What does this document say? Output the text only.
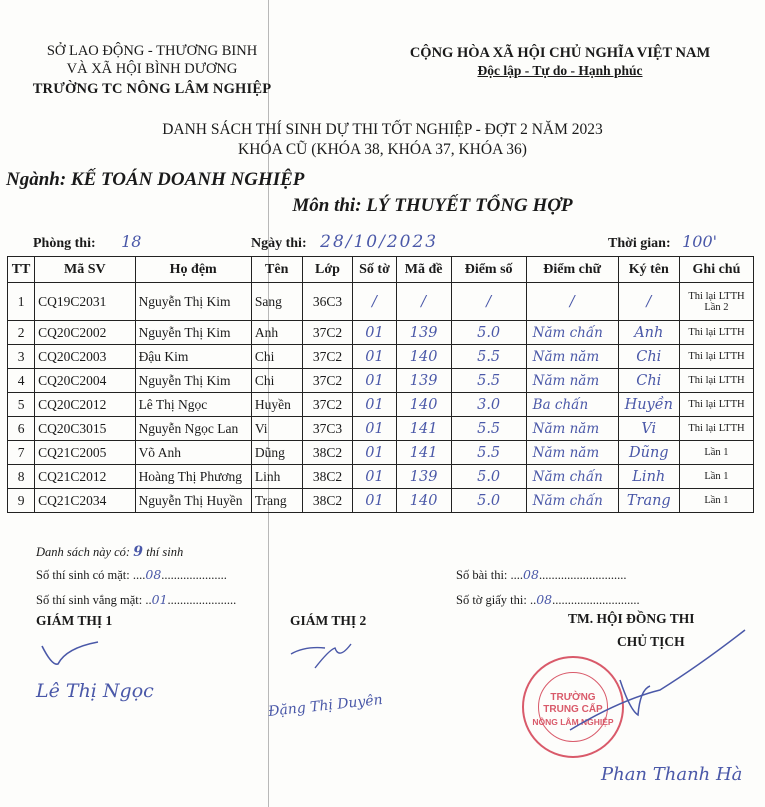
SỞ LAO ĐỘNG - THƯƠNG BINH
VÀ XÃ HỘI BÌNH DƯƠNG
TRƯỜNG TC NÔNG LÂM NGHIỆP
CỘNG HÒA XÃ HỘI CHỦ NGHĨA VIỆT NAM
Độc lập - Tự do - Hạnh phúc
DANH SÁCH THÍ SINH DỰ THI TỐT NGHIỆP - ĐỢT 2 NĂM 2023
KHÓA CŨ (KHÓA 38, KHÓA 37, KHÓA 36)
Ngành: KẾ TOÁN DOANH NGHIỆP
Môn thi: LÝ THUYẾT TỔNG HỢP
Phòng thi: 18	Ngày thi: 28/10/2023	Thời gian: 100'
TT	Mã SV	Họ đệm	Tên	Lớp	Số tờ	Mã đề	Điểm số	Điểm chữ	Ký tên	Ghi chú
1	CQ19C2031	Nguyễn Thị Kim	Sang	36C3	/	/	/	/	/	Thi lại LTTH
Lần 2
2	CQ20C2002	Nguyễn Thị Kim	Anh	37C2	01	139	5.0	Năm chấn	Anh	Thi lại LTTH
3	CQ20C2003	Đậu Kim	Chi	37C2	01	140	5.5	Năm năm	Chi	Thi lại LTTH
4	CQ20C2004	Nguyễn Thị Kim	Chi	37C2	01	139	5.5	Năm năm	Chi	Thi lại LTTH
5	CQ20C2012	Lê Thị Ngọc	Huyền	37C2	01	140	3.0	Ba chấn	Huyền	Thi lại LTTH
6	CQ20C3015	Nguyễn Ngọc Lan	Vi	37C3	01	141	5.5	Năm năm	Vi	Thi lại LTTH
7	CQ21C2005	Võ Anh	Dũng	38C2	01	141	5.5	Năm năm	Dũng	Lần 1
8	CQ21C2012	Hoàng Thị Phương	Linh	38C2	01	139	5.0	Năm chấn	Linh	Lần 1
9	CQ21C2034	Nguyễn Thị Huyền	Trang	38C2	01	140	5.0	Năm chấn	Trang	Lần 1
Danh sách này có: 9 thí sinh
Số thí sinh có mặt: ....08.....................
Số thí sinh vắng mặt: ..01......................
Số bài thi: ....08............................
Số tờ giấy thi: ..08............................
GIÁM THỊ 1	GIÁM THỊ 2	TM. HỘI ĐỒNG THI
CHỦ TỊCH
Lê Thị Ngọc
Đặng Thị Duyên	TRƯỜNG
TRUNG CẤP
NÔNG LÂM NGHIỆP
Phan Thanh Hà
